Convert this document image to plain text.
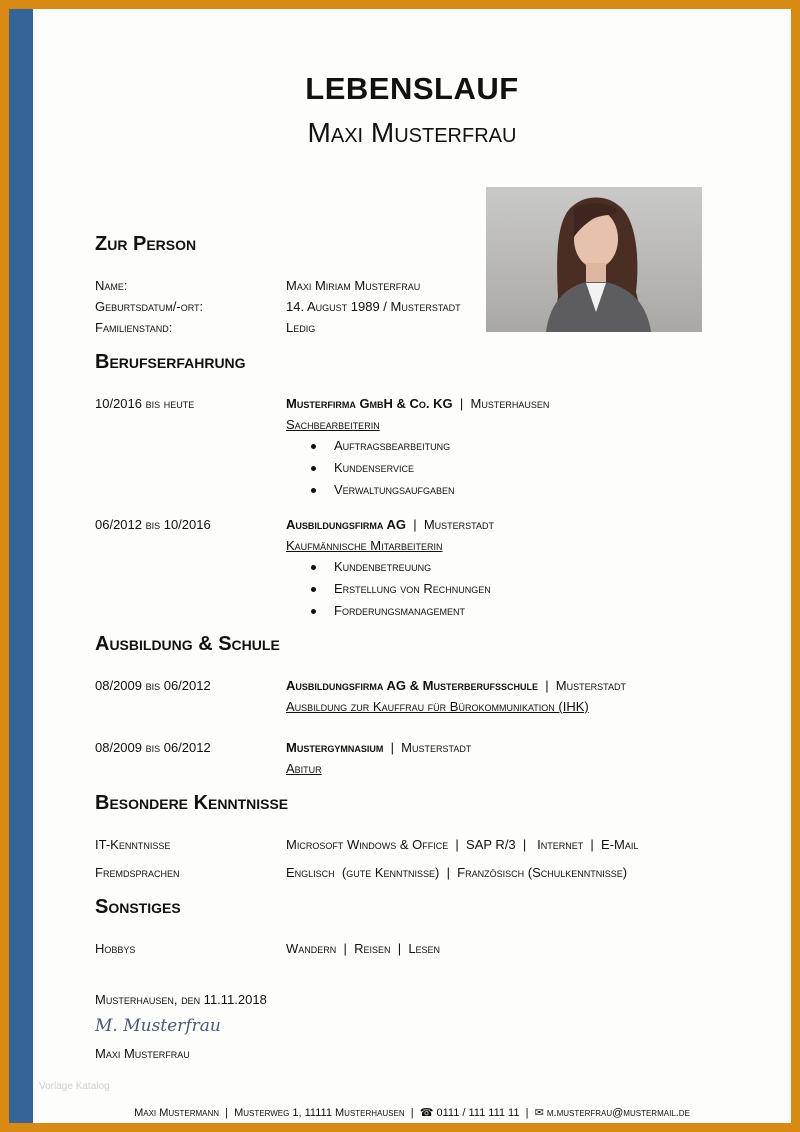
LEBENSLAUF
Maxi Musterfrau
Zur Person
Name:	Maxi Miriam Musterfrau
Geburtsdatum/-ort:	14. August 1989 / Musterstadt
Familienstand:	Ledig
Berufserfahrung
10/2016 bis heute	Musterfirma GmbH & Co. KG  |  Musterhausen
Sachbearbeiterin
Auftragsbearbeitung
Kundenservice
Verwaltungsaufgaben
06/2012 bis 10/2016	Ausbildungsfirma AG  |  Musterstadt
Kaufmännische Mitarbeiterin
Kundenbetreuung
Erstellung von Rechnungen
Forderungsmanagement
Ausbildung & Schule
08/2009 bis 06/2012	Ausbildungsfirma AG & Musterberufsschule  |  Musterstadt
Ausbildung zur Kauffrau für Bürokommunikation (IHK)
08/2009 bis 06/2012	Mustergymnasium  |  Musterstadt
Abitur
Besondere Kenntnisse
IT-Kenntnisse	Microsoft Windows & Office  |  SAP R/3  |   Internet  |  E-Mail
Fremdsprachen	Englisch  (gute Kenntnisse)  |  Französisch (Schulkenntnisse)
Sonstiges
Hobbys	Wandern  |  Reisen  |  Lesen
Musterhausen, den 11.11.2018
M. Musterfrau
Maxi Musterfrau
Vorlage Katalog
Maxi Mustermann  |  Musterweg 1, 11111 Musterhausen  |  ☎ 0111 / 111 111 11  |  ✉ m.musterfrau@mustermail.de
